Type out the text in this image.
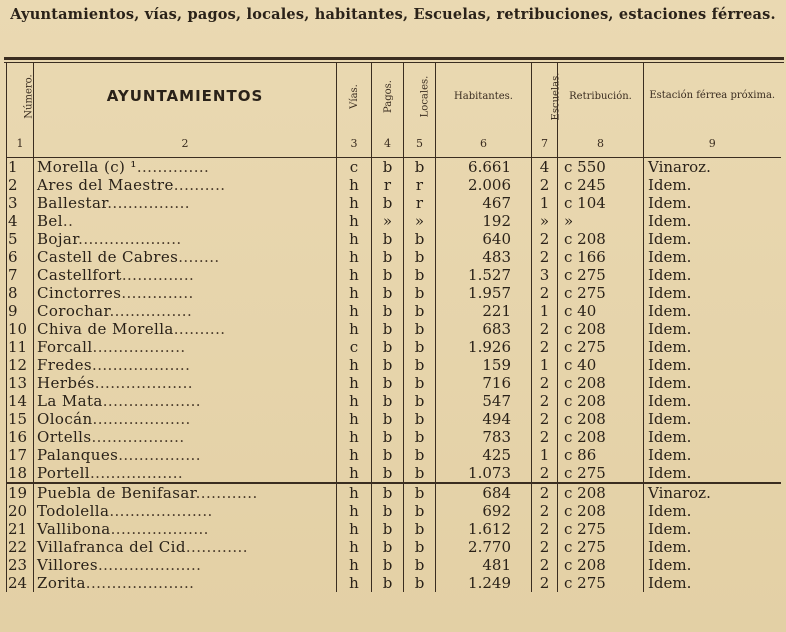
Ayuntamientos, vías, pagos, locales, habitantes, Escuelas, retribuciones, estaciones férreas.
Número.	AYUNTAMIENTOS	Vías.	Pagos.	Locales.	Habitantes.	Escuelas.	Retribución.	Estación férrea próxima.

1	2	3	4	5	6	7	8	9
1	Morella (c) ¹..............	c	b	b	6.661	4	c 550	Vinaroz.
2	Ares del Maestre..........	h	r	r	2.006	2	c 245	Idem.
3	Ballestar................	h	b	r	467	1	c 104	Idem.
4	Bel..	h	»	»	192	»	»	Idem.
5	Bojar....................	h	b	b	640	2	c 208	Idem.
6	Castell de Cabres........	h	b	b	483	2	c 166	Idem.
7	Castellfort..............	h	b	b	1.527	3	c 275	Idem.
8	Cinctorres..............	h	b	b	1.957	2	c 275	Idem.
9	Corochar................	h	b	b	221	1	c 40	Idem.
10	Chiva de Morella..........	h	b	b	683	2	c 208	Idem.
11	Forcall..................	c	b	b	1.926	2	c 275	Idem.
12	Fredes...................	h	b	b	159	1	c 40	Idem.
13	Herbés...................	h	b	b	716	2	c 208	Idem.
14	La Mata...................	h	b	b	547	2	c 208	Idem.
15	Olocán...................	h	b	b	494	2	c 208	Idem.
16	Ortells..................	h	b	b	783	2	c 208	Idem.
17	Palanques................	h	b	b	425	1	c 86	Idem.
18	Portell..................	h	b	b	1.073	2	c 275	Idem.
19	Puebla de Benifasar............	h	b	b	684	2	c 208	Vinaroz.
20	Todolella....................	h	b	b	692	2	c 208	Idem.
21	Vallibona...................	h	b	b	1.612	2	c 275	Idem.
22	Villafranca del Cid............	h	b	b	2.770	2	c 275	Idem.
23	Villores....................	h	b	b	481	2	c 208	Idem.
24	Zorita.....................	h	b	b	1.249	2	c 275	Idem.
